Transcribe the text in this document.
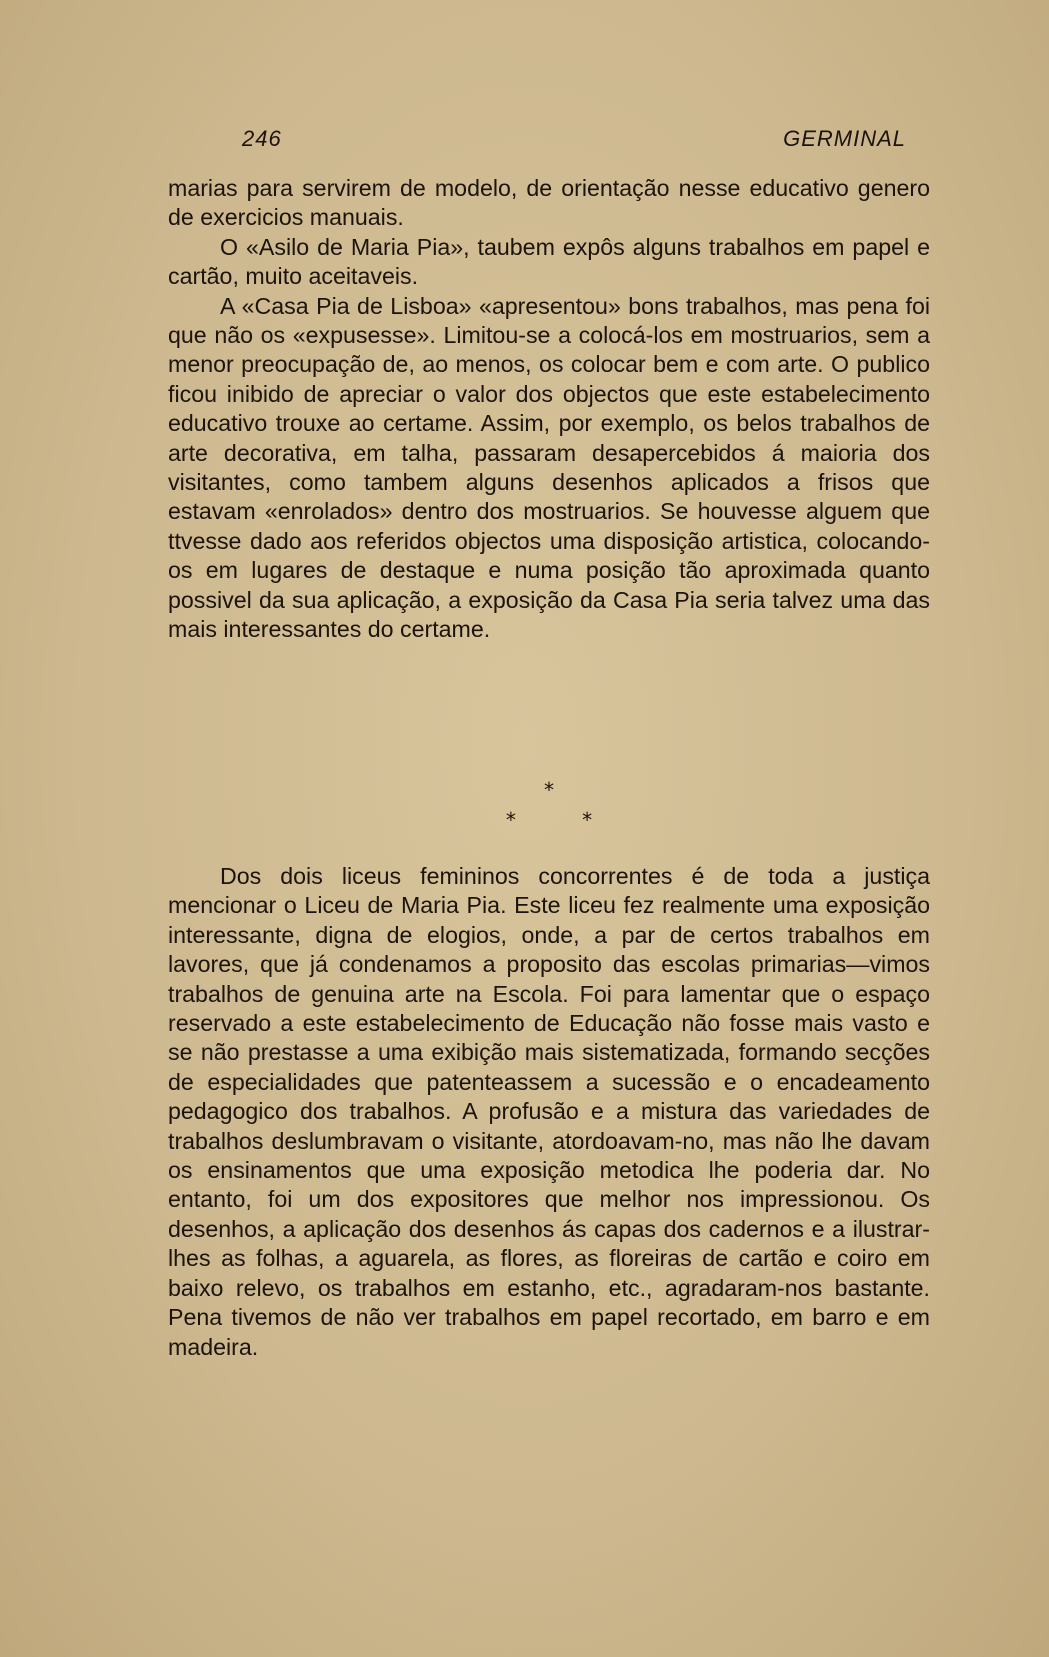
246	GERMINAL

marias para servirem de modelo, de orientação nesse educativo genero de exercicios manuais.

O «Asilo de Maria Pia», taubem expôs alguns trabalhos em papel e cartão, muito aceitaveis.

A «Casa Pia de Lisboa» «apresentou» bons trabalhos, mas pena foi que não os «expusesse». Limitou-se a colocá-los em mostruarios, sem a menor preocupação de, ao menos, os colocar bem e com arte. O publico ficou inibido de apreciar o valor dos objectos que este estabelecimento educativo trouxe ao certame. Assim, por exemplo, os belos trabalhos de arte decorativa, em talha, passaram desapercebidos á maioria dos visitantes, como tambem alguns desenhos aplicados a frisos que estavam «enrolados» dentro dos mostruarios. Se houvesse alguem que ttvesse dado aos referidos objectos uma disposição artistica, colocando-os em lugares de destaque e numa posição tão aproximada quanto possivel da sua aplicação, a exposição da Casa Pia seria talvez uma das mais interessantes do certame.

*
* *

Dos dois liceus femininos concorrentes é de toda a justiça mencionar o Liceu de Maria Pia. Este liceu fez realmente uma exposição interessante, digna de elogios, onde, a par de certos trabalhos em lavores, que já condenamos a proposito das escolas primarias—vimos trabalhos de genuina arte na Escola. Foi para lamentar que o espaço reservado a este estabelecimento de Educação não fosse mais vasto e se não prestasse a uma exibição mais sistematizada, formando secções de especialidades que patenteassem a sucessão e o encadeamento pedagogico dos trabalhos. A profusão e a mistura das variedades de trabalhos deslumbravam o visitante, atordoavam-no, mas não lhe davam os ensinamentos que uma exposição metodica lhe poderia dar. No entanto, foi um dos expositores que melhor nos impressionou. Os desenhos, a aplicação dos desenhos ás capas dos cadernos e a ilustrar-lhes as folhas, a aguarela, as flores, as floreiras de cartão e coiro em baixo relevo, os trabalhos em estanho, etc., agradaram-nos bastante. Pena tivemos de não ver trabalhos em papel recortado, em barro e em madeira.
